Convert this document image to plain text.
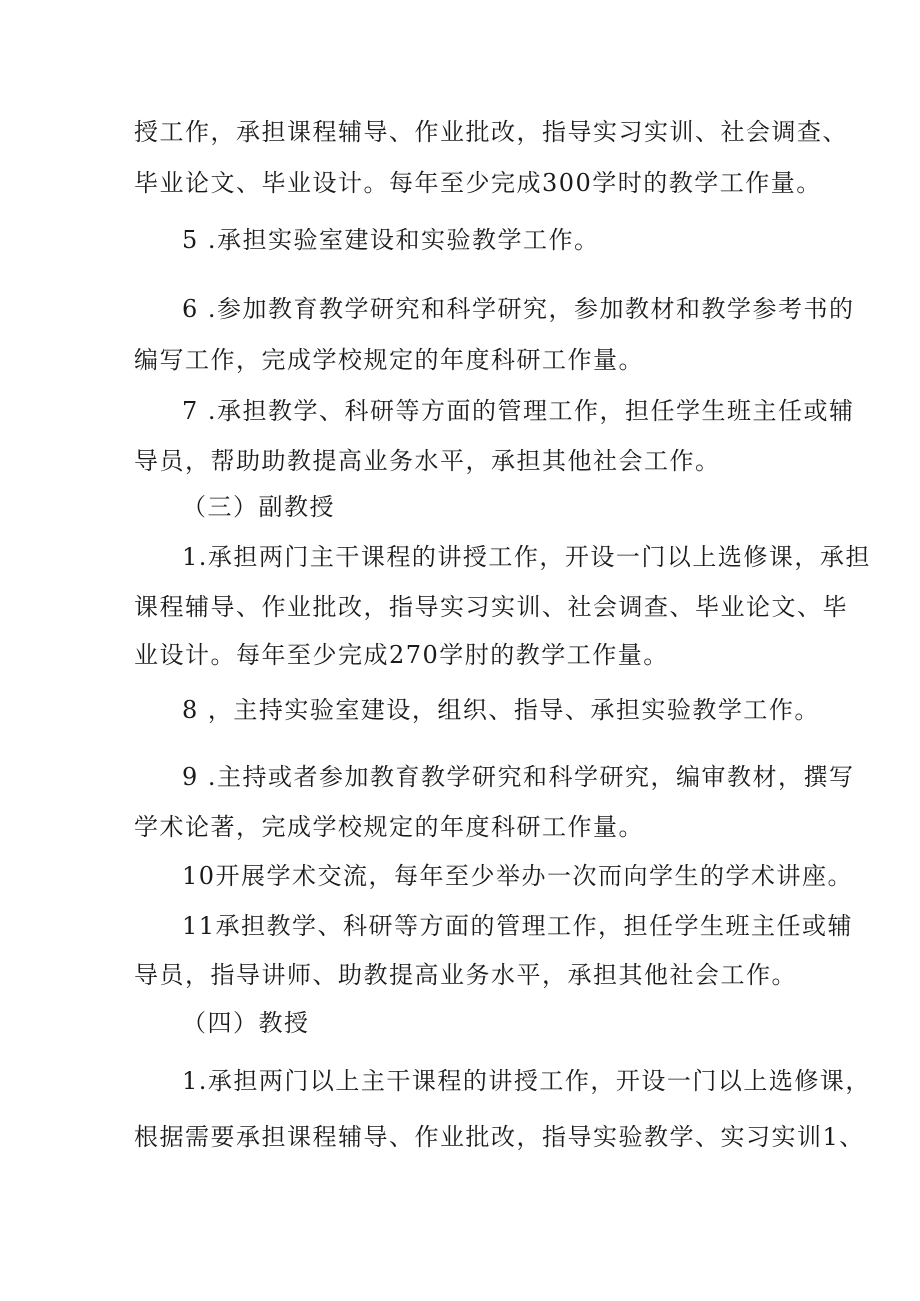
授工作，承担课程辅导、作业批改，指导实习实训、社会调查、
毕业论文、毕业设计。每年至少完成300学时的教学工作量。
5 .承担实验室建设和实验教学工作。
6 .参加教育教学研究和科学研究，参加教材和教学参考书的
编写工作，完成学校规定的年度科研工作量。
7 .承担教学、科研等方面的管理工作，担任学生班主任或辅
导员，帮助助教提高业务水平，承担其他社会工作。
（三）副教授
1.承担两门主干课程的讲授工作，开设一门以上选修课，承担
课程辅导、作业批改，指导实习实训、社会调查、毕业论文、毕
业设计。每年至少完成270学肘的教学工作量。
8 ，主持实验室建设，组织、指导、承担实验教学工作。
9 .主持或者参加教育教学研究和科学研究，编审教材，撰写
学术论著，完成学校规定的年度科研工作量。
10开展学术交流，每年至少举办一次而向学生的学术讲座。
11承担教学、科研等方面的管理工作，担任学生班主任或辅
导员，指导讲师、助教提高业务水平，承担其他社会工作。
（四）教授
1.承担两门以上主干课程的讲授工作，开设一门以上选修课，
根据需要承担课程辅导、作业批改，指导实验教学、实习实训1、
